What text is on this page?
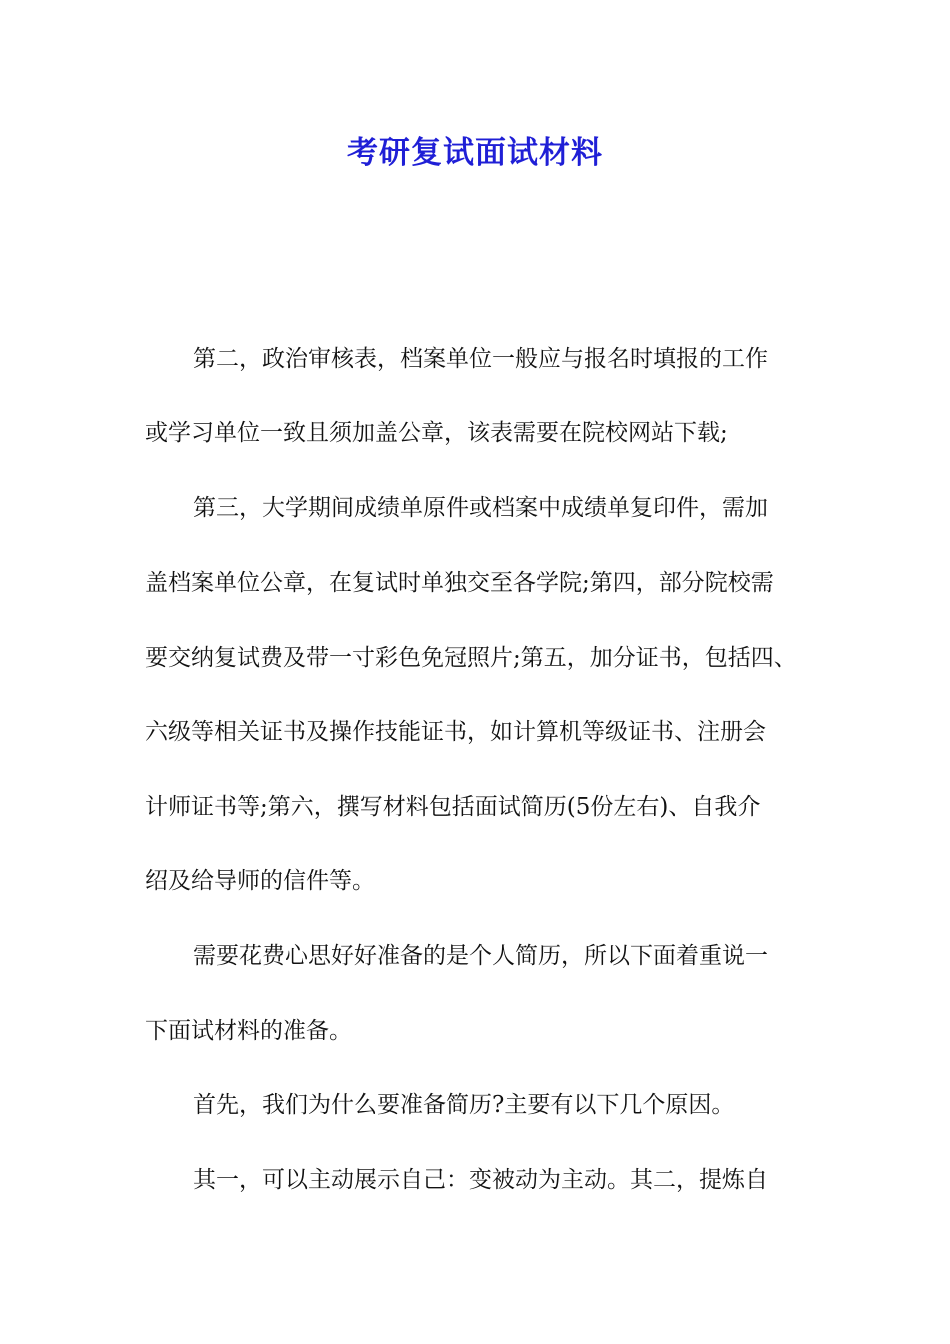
考研复试面试材料
第二，政治审核表，档案单位一般应与报名时填报的工作
或学习单位一致且须加盖公章，该表需要在院校网站下载;
第三，大学期间成绩单原件或档案中成绩单复印件，需加
盖档案单位公章，在复试时单独交至各学院;第四，部分院校需
要交纳复试费及带一寸彩色免冠照片;第五，加分证书，包括四、
六级等相关证书及操作技能证书，如计算机等级证书、注册会
计师证书等;第六，撰写材料包括面试简历(5份左右)、自我介
绍及给导师的信件等。
需要花费心思好好准备的是个人简历，所以下面着重说一
下面试材料的准备。
首先，我们为什么要准备简历?主要有以下几个原因。
其一，可以主动展示自己：变被动为主动。其二，提炼自
